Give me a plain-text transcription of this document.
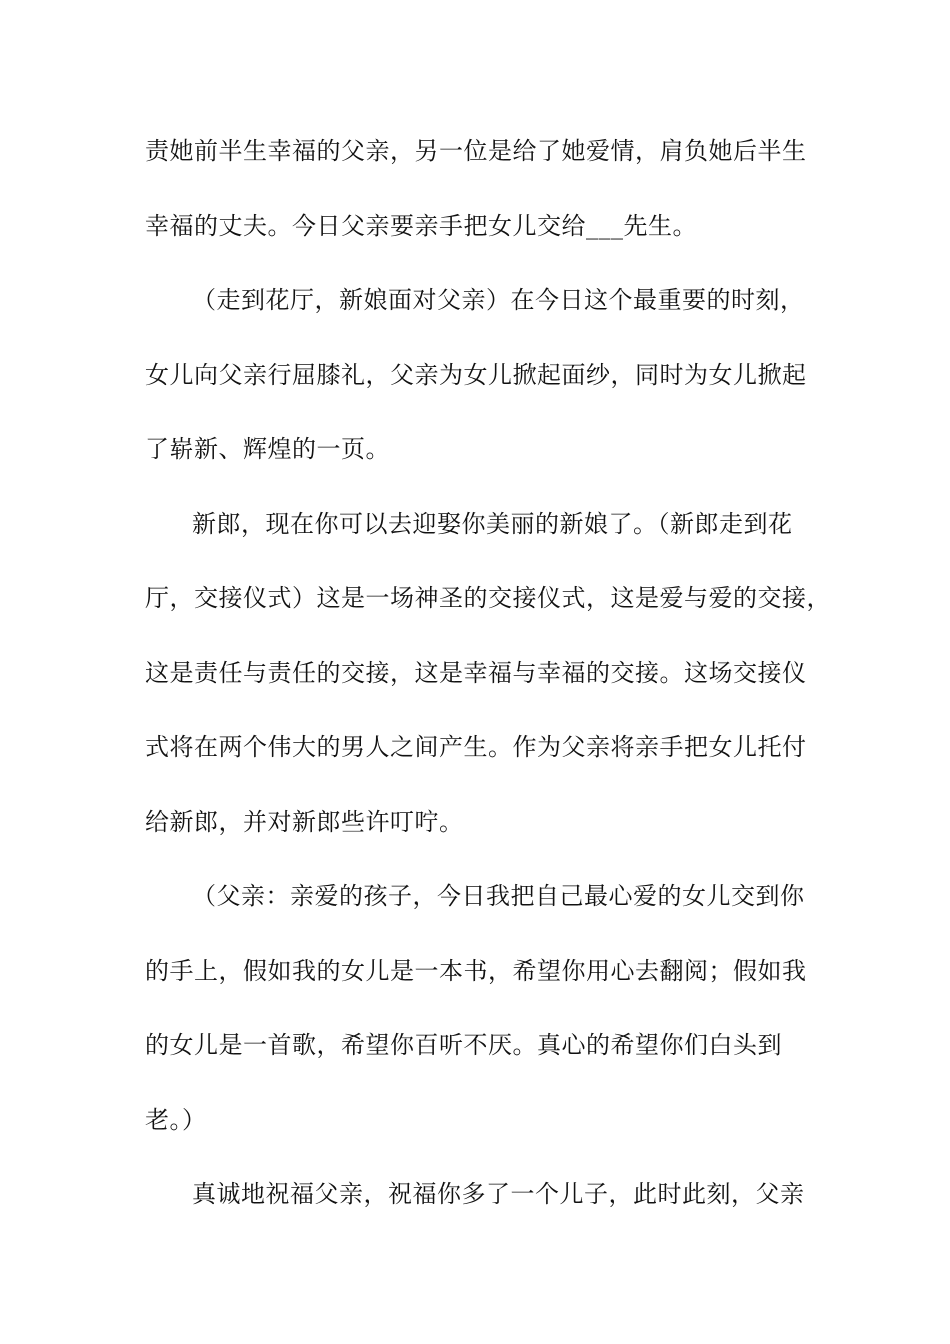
责她前半生幸福的父亲，另一位是给了她爱情，肩负她后半生
幸福的丈夫。今日父亲要亲手把女儿交给___先生。
（走到花厅，新娘面对父亲）在今日这个最重要的时刻，
女儿向父亲行屈膝礼，父亲为女儿掀起面纱，同时为女儿掀起
了崭新、辉煌的一页。
新郎，现在你可以去迎娶你美丽的新娘了。（新郎走到花
厅，交接仪式）这是一场神圣的交接仪式，这是爱与爱的交接，
这是责任与责任的交接，这是幸福与幸福的交接。这场交接仪
式将在两个伟大的男人之间产生。作为父亲将亲手把女儿托付
给新郎，并对新郎些许叮咛。
（父亲：亲爱的孩子，今日我把自己最心爱的女儿交到你
的手上，假如我的女儿是一本书，希望你用心去翻阅；假如我
的女儿是一首歌，希望你百听不厌。真心的希望你们白头到
老。）
真诚地祝福父亲，祝福你多了一个儿子，此时此刻，父亲
